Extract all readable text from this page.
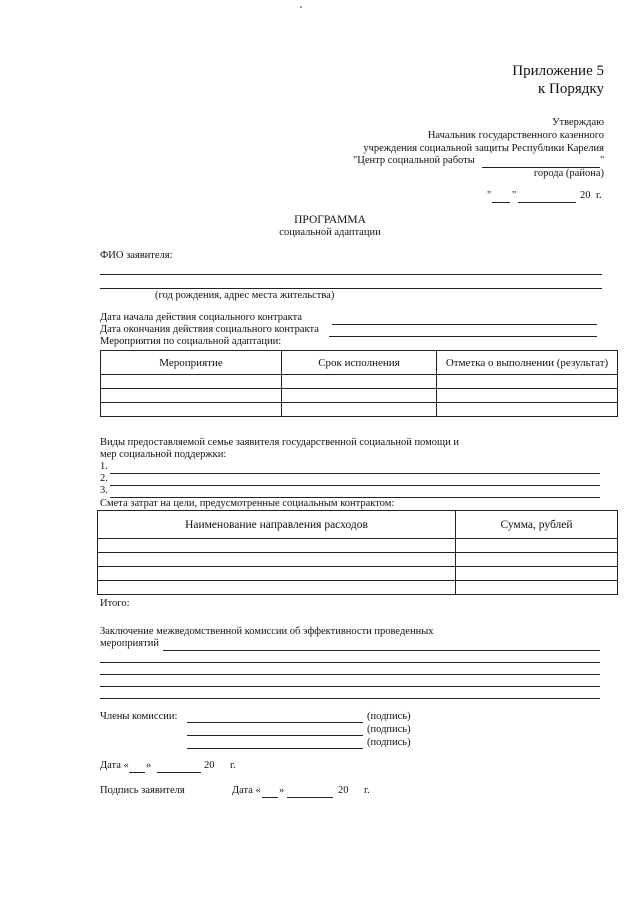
Приложение 5
к Порядку
Утверждаю
Начальник государственного казенного
учреждения социальной защиты Республики Карелия
"Центр социальной работы	"
города (района)
" "	20 г.
ПРОГРАММА
социальной адаптации
ФИО заявителя:
(год рождения, адрес места жительства)
Дата начала действия социального контракта
Дата окончания действия социального контракта
Мероприятия по социальной адаптации:
Мероприятие	Срок исполнения	Отметка о выполнении (результат)

Виды предоставляемой семье заявителя государственной социальной помощи и
мер социальной поддержки:
1.
2.
3.
Смета затрат на цели, предусмотренные социальным контрактом:
Наименование направления расходов	Сумма, рублей

Итого:
Заключение межведомственной комиссии об эффективности проведенных
мероприятий
Члены комиссии:	(подпись)
(подпись)
(подпись)
Дата « »	20 г.
Подпись заявителя	Дата « »	20 г.
